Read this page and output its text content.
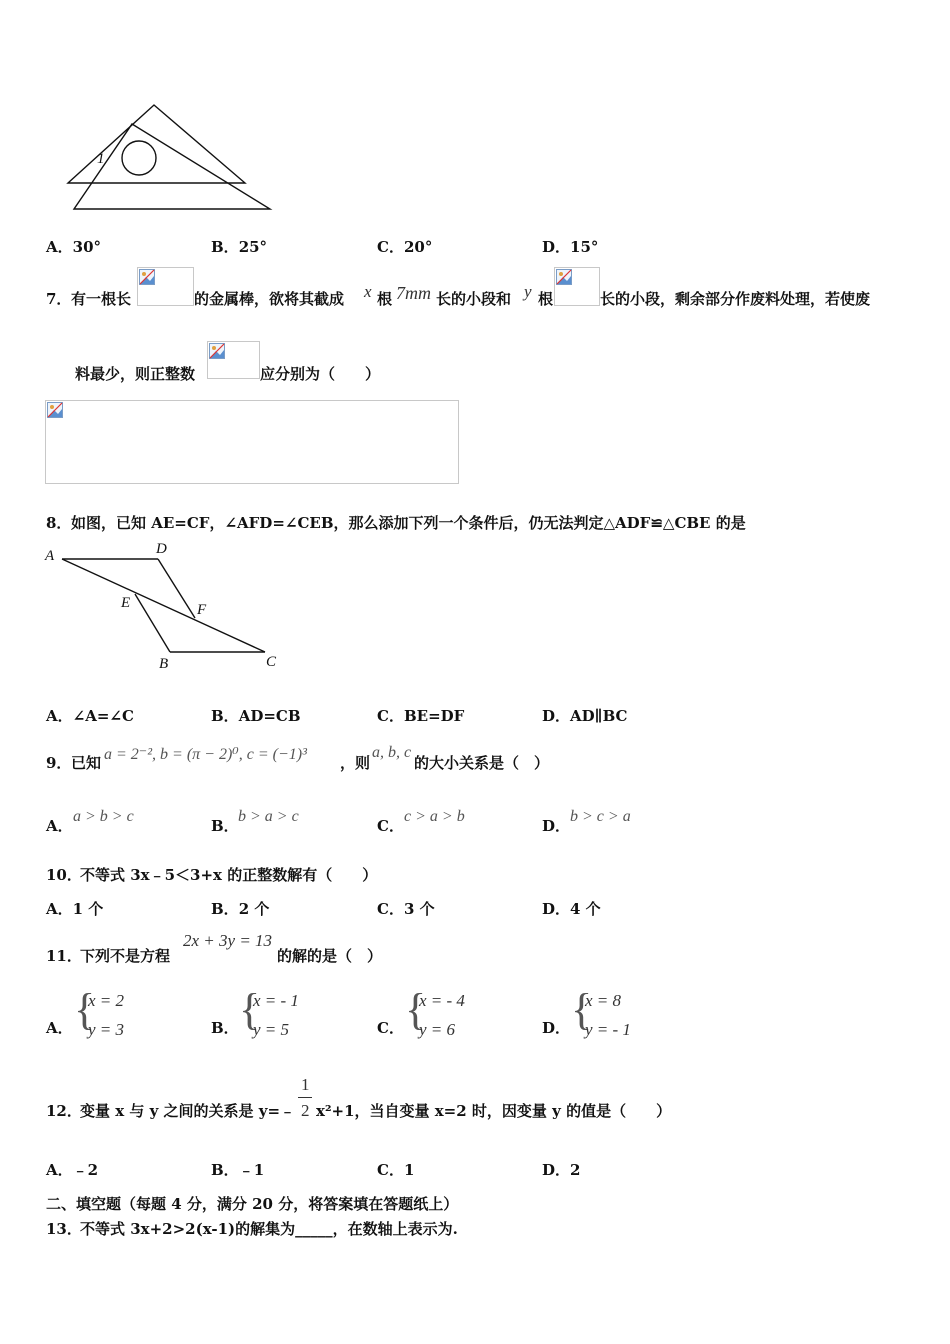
1
A．30°	B．25°	C．20°	D．15°
7． 有一根长	的金属棒，欲将其截成 x 根 7mm 长的小段和 y 根	长的小段，剩余部分作废料处理，若使废
料最少，则正整数	应分别为（　　）
8． 如图，已知 AE=CF，∠AFD=∠CEB，那么添加下列一个条件后，仍无法判定△ADF≌△CBE 的是
A	D
E	F
B	C
A．∠A=∠C	B．AD=CB	C．BE=DF	D．AD∥BC
9． 已知 a = 2⁻², b = (π − 2)⁰, c = (−1)³ ，则
a, b, c
的大小关系是（　）
A．
a > b > c
B．
b > a > c
C．
c > a > b
D．
b > c > a
10．
不等式 3x﹣5＜3+x 的正整数解有（　　）
A．1 个	B．2 个	C．3 个	D．4 个
11．
下列不是方程
2x + 3y = 13
的解的是（　）
A． {
x = 2
y = 3	B． {
x = - 1
y = 5	C． {
x = - 4
y = 6	D． {
x = 8
y = - 1
12．
变量 x 与 y 之间的关系是 y=﹣
1
2 x²+1，当自变量 x=2 时，因变量 y 的值是（　　）
A．﹣2	B．﹣1	C．1	D．2
二、填空题（每题 4 分，满分 20 分，将答案填在答题纸上）
13．
不等式 3x+2>2(x-1)的解集为_____，在数轴上表示为.
